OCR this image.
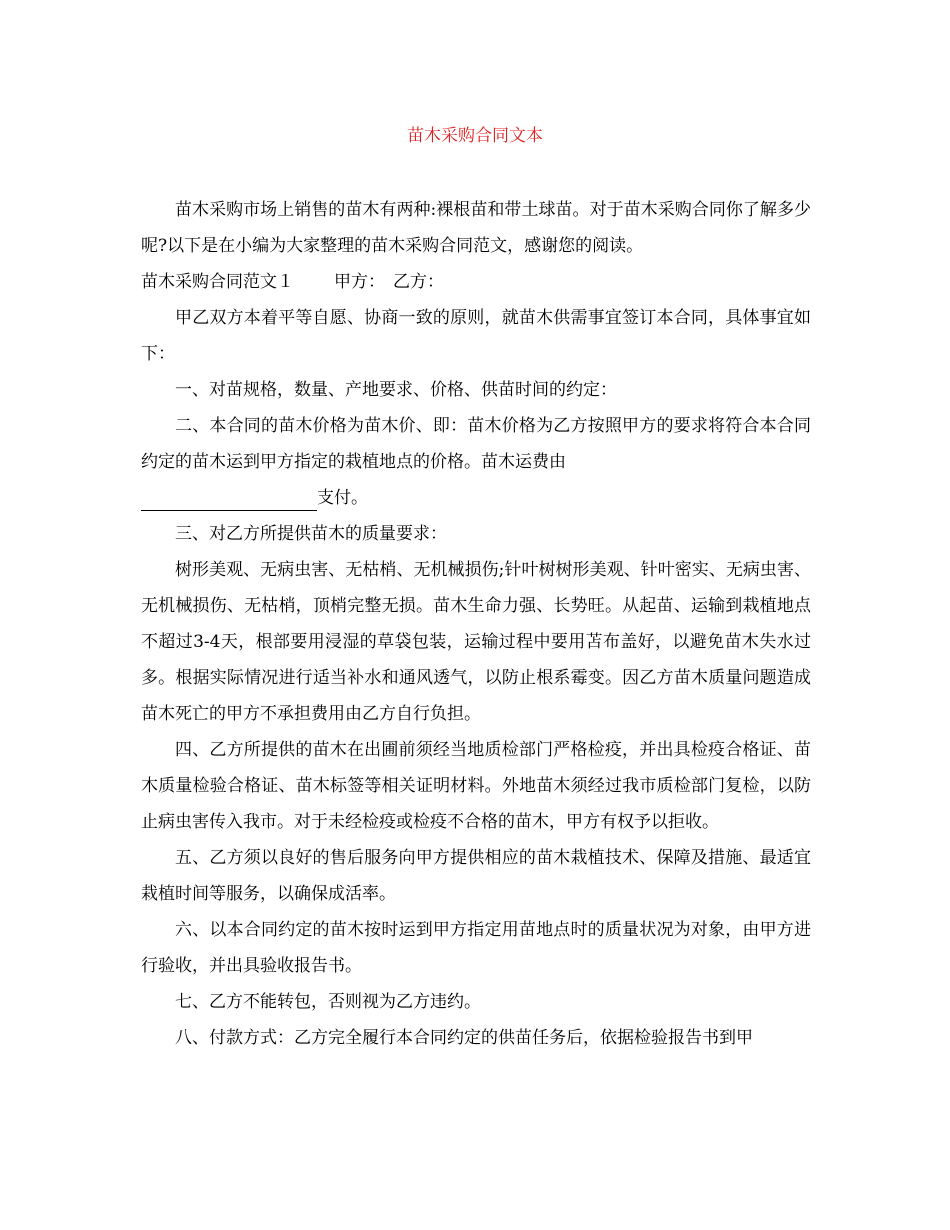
苗木采购合同文本

苗木采购市场上销售的苗木有两种:裸根苗和带土球苗。对于苗木采购合同你了解多少呢?以下是在小编为大家整理的苗木采购合同范文，感谢您的阅读。

苗木采购合同范文１ 甲方： 乙方：

甲乙双方本着平等自愿、协商一致的原则，就苗木供需事宜签订本合同，具体事宜如下：

一、对苗规格，数量、产地要求、价格、供苗时间的约定：

二、本合同的苗木价格为苗木价、即：苗木价格为乙方按照甲方的要求将符合本合同约定的苗木运到甲方指定的栽植地点的价格。苗木运费由
支付。

三、对乙方所提供苗木的质量要求：

树形美观、无病虫害、无枯梢、无机械损伤;针叶树树形美观、针叶密实、无病虫害、无机械损伤、无枯梢，顶梢完整无损。苗木生命力强、长势旺。从起苗、运输到栽植地点不超过3-4天，根部要用浸湿的草袋包装，运输过程中要用苫布盖好，以避免苗木失水过多。根据实际情况进行适当补水和通风透气，以防止根系霉变。因乙方苗木质量问题造成苗木死亡的甲方不承担费用由乙方自行负担。

四、乙方所提供的苗木在出圃前须经当地质检部门严格检疫，并出具检疫合格证、苗木质量检验合格证、苗木标签等相关证明材料。外地苗木须经过我市质检部门复检，以防止病虫害传入我市。对于未经检疫或检疫不合格的苗木，甲方有权予以拒收。

五、乙方须以良好的售后服务向甲方提供相应的苗木栽植技术、保障及措施、最适宜栽植时间等服务，以确保成活率。

六、以本合同约定的苗木按时运到甲方指定用苗地点时的质量状况为对象，由甲方进行验收，并出具验收报告书。

七、乙方不能转包，否则视为乙方违约。

八、付款方式：乙方完全履行本合同约定的供苗任务后，依据检验报告书到甲
